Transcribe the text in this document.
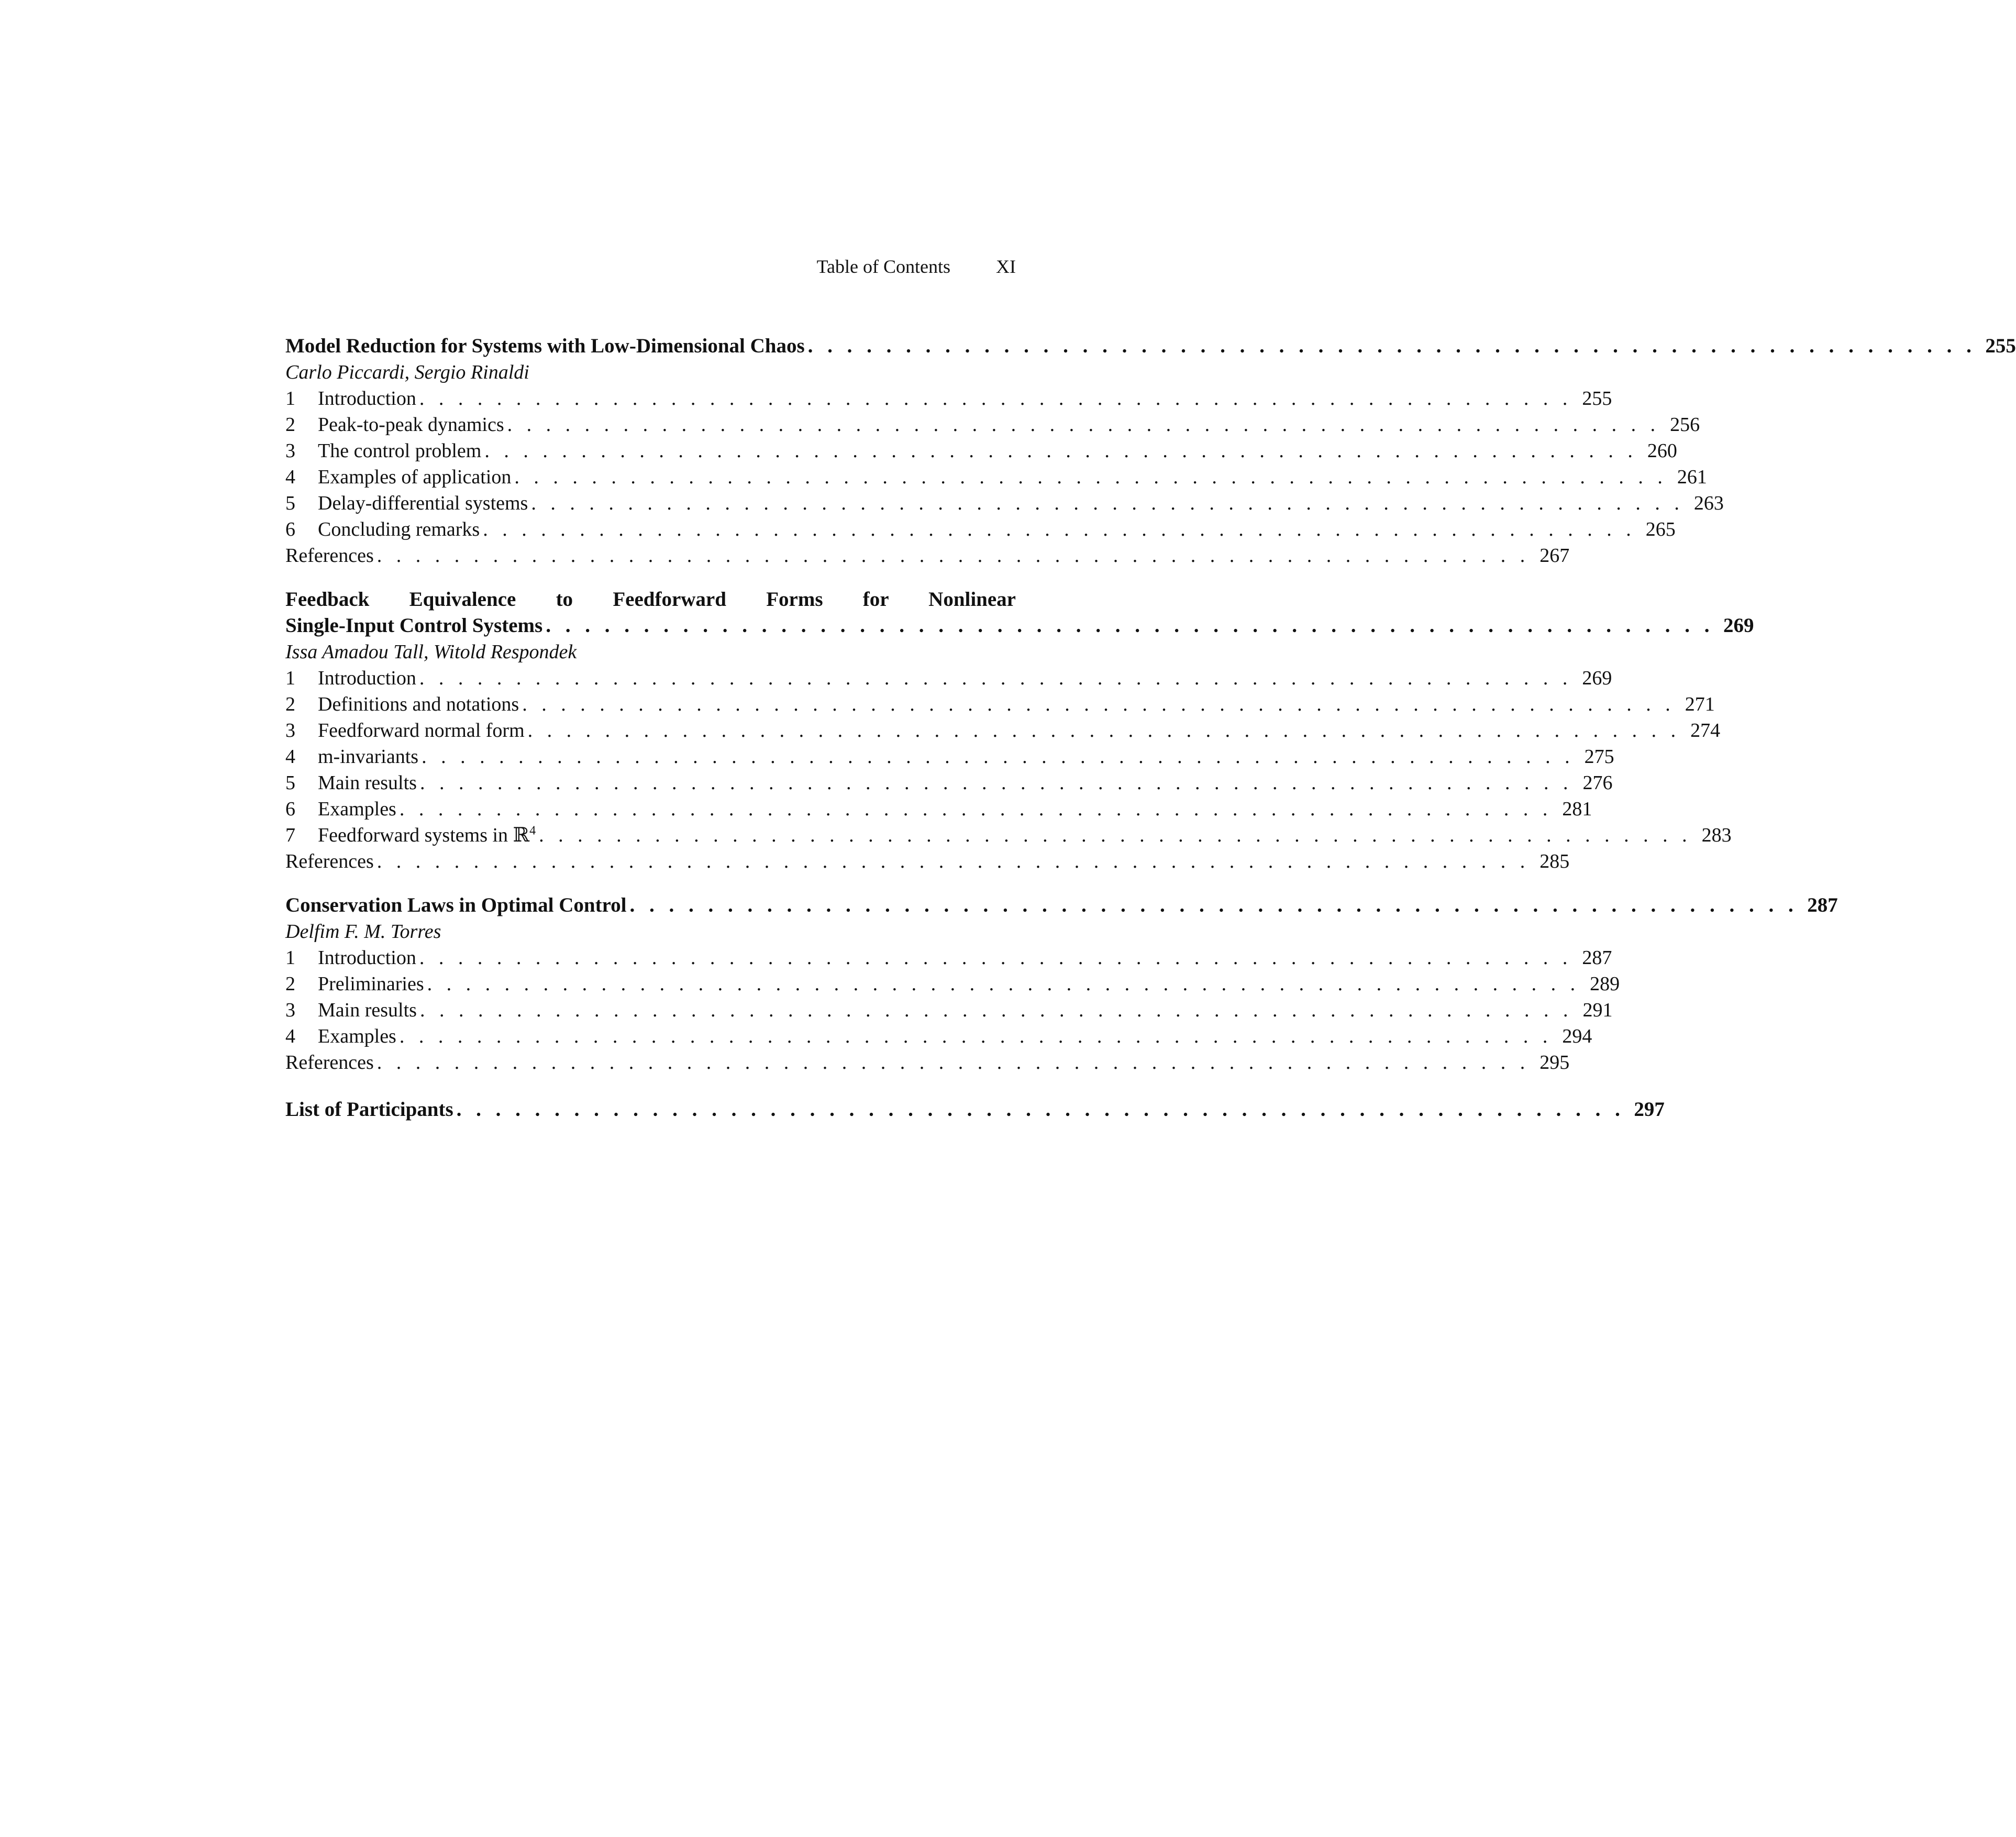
Table of Contents XI
Model Reduction for Systems with Low-Dimensional Chaos . . . . . . . . . . . . . . . . . . . . . . . . . . . . . . . . . . . . . . . . . . . . . . . . . . . . . . . . . . . . 255
Carlo Piccardi, Sergio Rinaldi
1	Introduction . . . . . . . . . . . . . . . . . . . . . . . . . . . . . . . . . . . . . . . . . . . . . . . . . . . . . . . . . . . . 255
2	Peak-to-peak dynamics . . . . . . . . . . . . . . . . . . . . . . . . . . . . . . . . . . . . . . . . . . . . . . . . . . . . . . . . . . . . 256
3	The control problem . . . . . . . . . . . . . . . . . . . . . . . . . . . . . . . . . . . . . . . . . . . . . . . . . . . . . . . . . . . . 260
4	Examples of application . . . . . . . . . . . . . . . . . . . . . . . . . . . . . . . . . . . . . . . . . . . . . . . . . . . . . . . . . . . . 261
5	Delay-differential systems . . . . . . . . . . . . . . . . . . . . . . . . . . . . . . . . . . . . . . . . . . . . . . . . . . . . . . . . . . . . 263
6	Concluding remarks . . . . . . . . . . . . . . . . . . . . . . . . . . . . . . . . . . . . . . . . . . . . . . . . . . . . . . . . . . . . 265
References . . . . . . . . . . . . . . . . . . . . . . . . . . . . . . . . . . . . . . . . . . . . . . . . . . . . . . . . . . . . 267
Feedback Equivalence to Feedforward Forms for Nonlinear
Single-Input Control Systems . . . . . . . . . . . . . . . . . . . . . . . . . . . . . . . . . . . . . . . . . . . . . . . . . . . . . . . . . . . . 269
Issa Amadou Tall, Witold Respondek
1	Introduction . . . . . . . . . . . . . . . . . . . . . . . . . . . . . . . . . . . . . . . . . . . . . . . . . . . . . . . . . . . . 269
2	Definitions and notations . . . . . . . . . . . . . . . . . . . . . . . . . . . . . . . . . . . . . . . . . . . . . . . . . . . . . . . . . . . . 271
3	Feedforward normal form . . . . . . . . . . . . . . . . . . . . . . . . . . . . . . . . . . . . . . . . . . . . . . . . . . . . . . . . . . . . 274
4	m-invariants . . . . . . . . . . . . . . . . . . . . . . . . . . . . . . . . . . . . . . . . . . . . . . . . . . . . . . . . . . . . 275
5	Main results . . . . . . . . . . . . . . . . . . . . . . . . . . . . . . . . . . . . . . . . . . . . . . . . . . . . . . . . . . . . 276
6	Examples . . . . . . . . . . . . . . . . . . . . . . . . . . . . . . . . . . . . . . . . . . . . . . . . . . . . . . . . . . . . 281
7	Feedforward systems in ℝ$^4$ . . . . . . . . . . . . . . . . . . . . . . . . . . . . . . . . . . . . . . . . . . . . . . . . . . . . . . . . . . . . 283
References . . . . . . . . . . . . . . . . . . . . . . . . . . . . . . . . . . . . . . . . . . . . . . . . . . . . . . . . . . . . 285
Conservation Laws in Optimal Control . . . . . . . . . . . . . . . . . . . . . . . . . . . . . . . . . . . . . . . . . . . . . . . . . . . . . . . . . . . . 287
Delfim F. M. Torres
1	Introduction . . . . . . . . . . . . . . . . . . . . . . . . . . . . . . . . . . . . . . . . . . . . . . . . . . . . . . . . . . . . 287
2	Preliminaries . . . . . . . . . . . . . . . . . . . . . . . . . . . . . . . . . . . . . . . . . . . . . . . . . . . . . . . . . . . . 289
3	Main results . . . . . . . . . . . . . . . . . . . . . . . . . . . . . . . . . . . . . . . . . . . . . . . . . . . . . . . . . . . . 291
4	Examples . . . . . . . . . . . . . . . . . . . . . . . . . . . . . . . . . . . . . . . . . . . . . . . . . . . . . . . . . . . . 294
References . . . . . . . . . . . . . . . . . . . . . . . . . . . . . . . . . . . . . . . . . . . . . . . . . . . . . . . . . . . . 295
List of Participants . . . . . . . . . . . . . . . . . . . . . . . . . . . . . . . . . . . . . . . . . . . . . . . . . . . . . . . . . . . . 297
